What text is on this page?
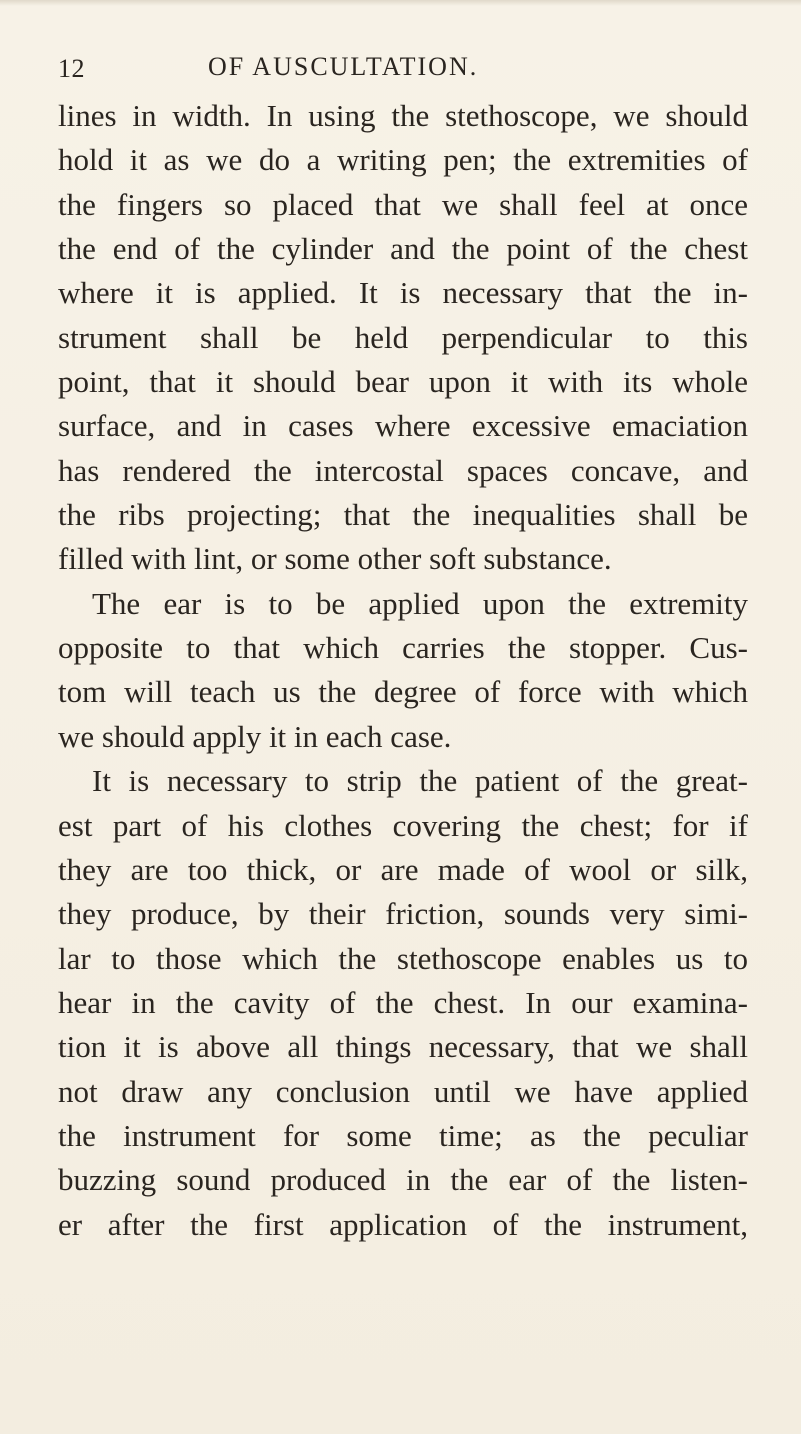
12	OF AUSCULTATION.
lines in width. In using the stethoscope, we should
hold it as we do a writing pen; the extremities of
the fingers so placed that we shall feel at once
the end of the cylinder and the point of the chest
where it is applied. It is necessary that the in-
strument shall be held perpendicular to this
point, that it should bear upon it with its whole
surface, and in cases where excessive emaciation
has rendered the intercostal spaces concave, and
the ribs projecting; that the inequalities shall be
filled with lint, or some other soft substance.
The ear is to be applied upon the extremity
opposite to that which carries the stopper. Cus-
tom will teach us the degree of force with which
we should apply it in each case.
It is necessary to strip the patient of the great-
est part of his clothes covering the chest; for if
they are too thick, or are made of wool or silk,
they produce, by their friction, sounds very simi-
lar to those which the stethoscope enables us to
hear in the cavity of the chest. In our examina-
tion it is above all things necessary, that we shall
not draw any conclusion until we have applied
the instrument for some time; as the peculiar
buzzing sound produced in the ear of the listen-
er after the first application of the instrument,
